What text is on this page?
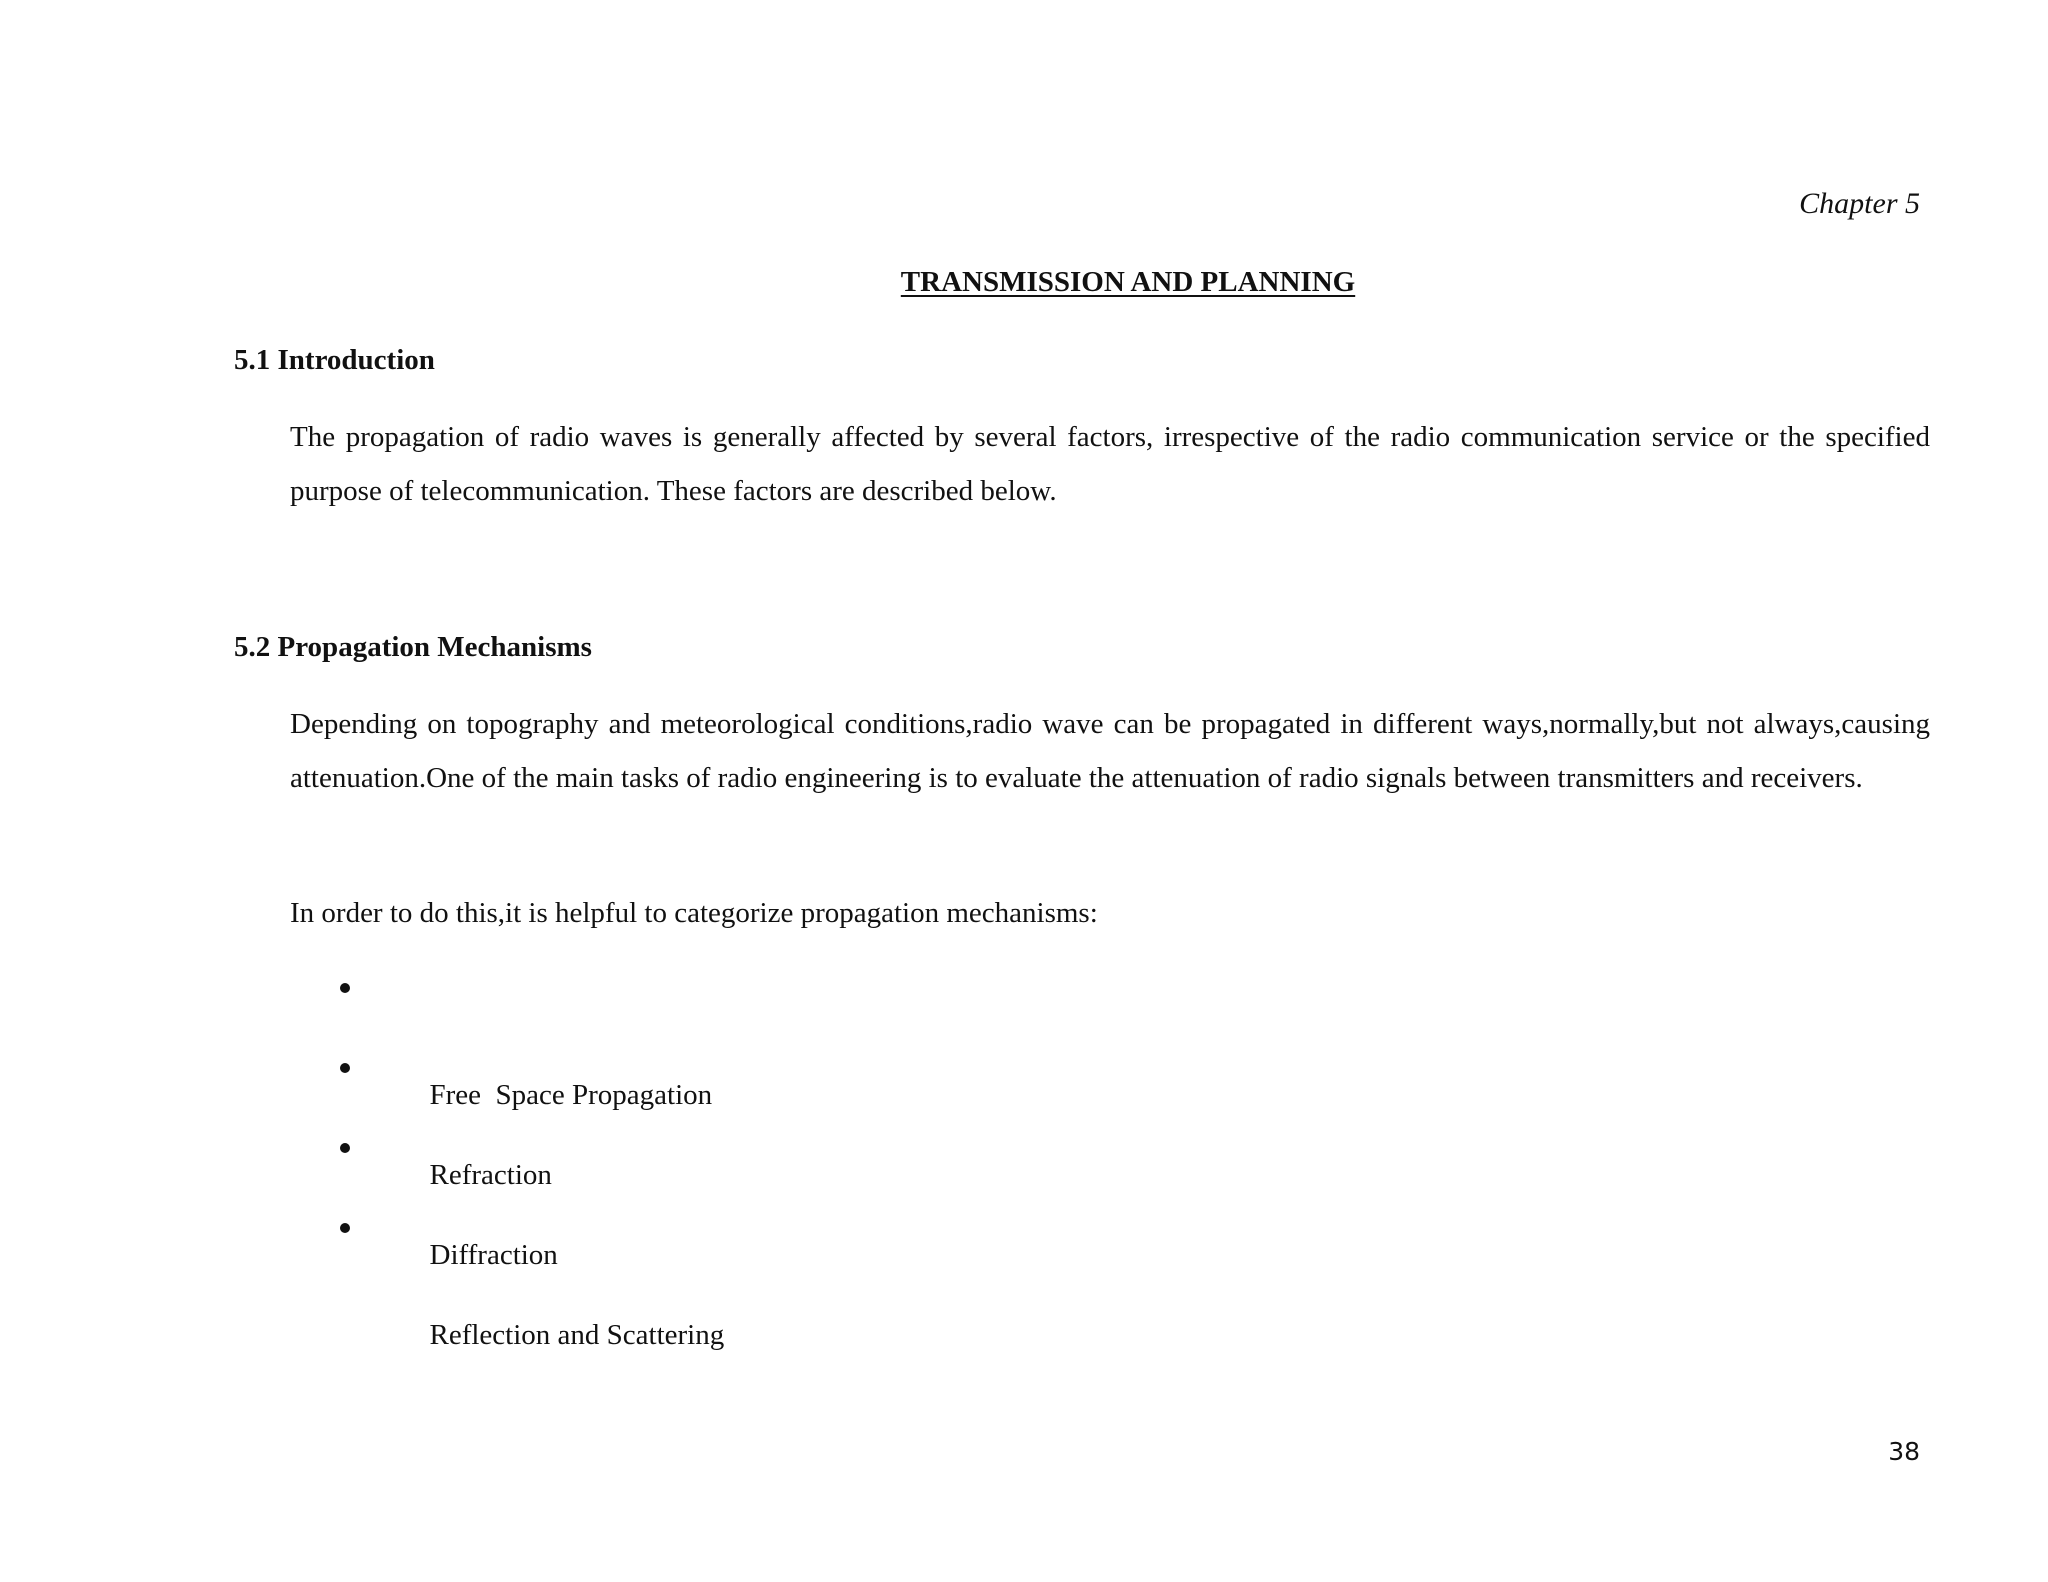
Chapter 5
TRANSMISSION AND PLANNING
5.1 Introduction

The propagation of radio waves is generally affected by several factors, irrespective of the radio communication service or the specified purpose of telecommunication. These factors are described below.

5.2 Propagation Mechanisms

Depending on topography and meteorological conditions,radio wave can be propagated in different ways,normally,but not always,causing attenuation.One of the main tasks of radio engineering is to evaluate the attenuation of radio signals between transmitters and receivers.

In order to do this,it is helpful to categorize propagation mechanisms:

Free  Space Propagation

Refraction

Diffraction

Reflection and Scattering

38
